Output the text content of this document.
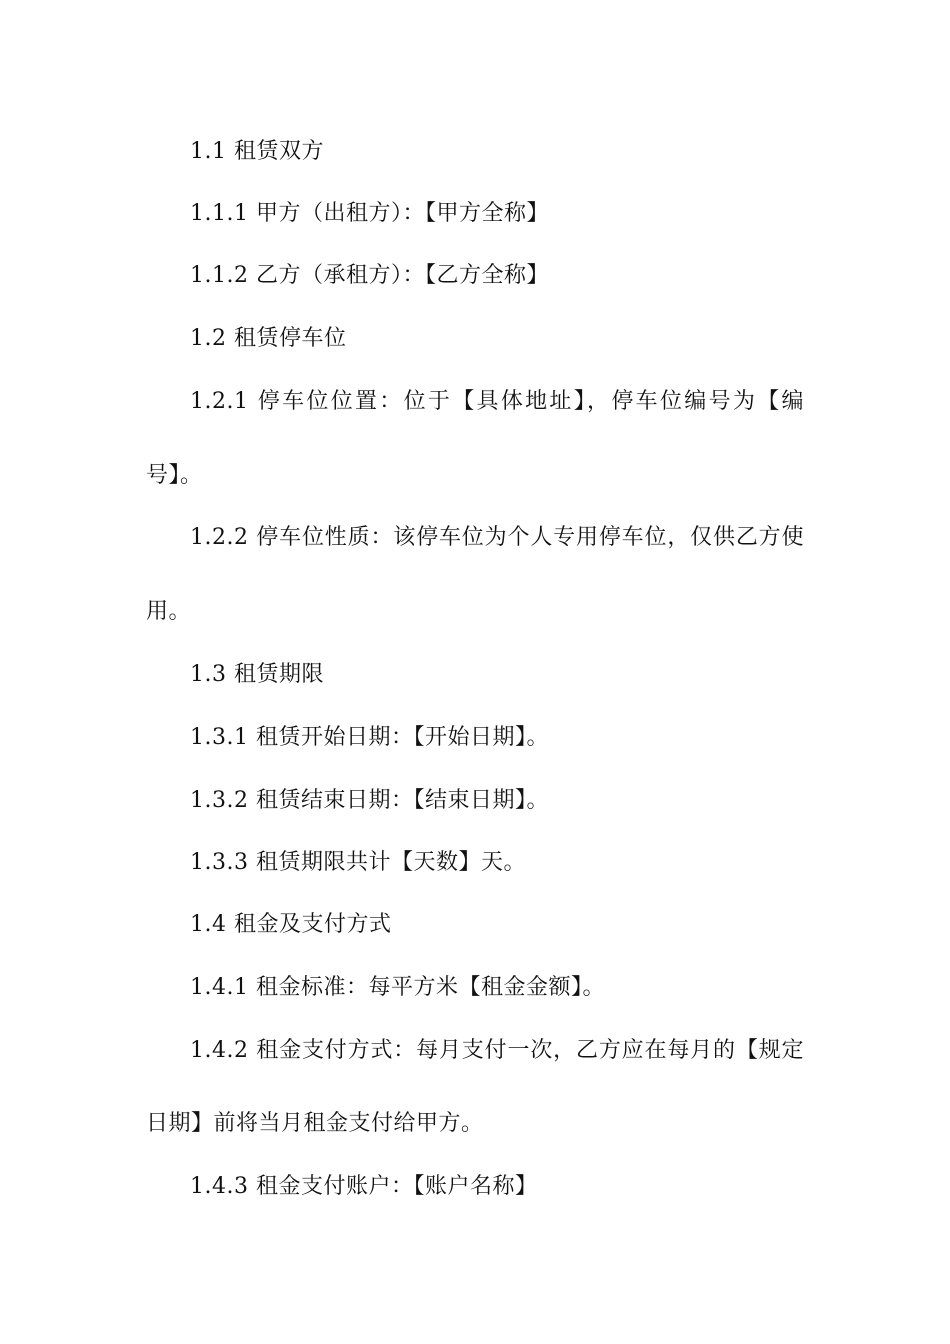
1.1 租赁双方
1.1.1 甲方（出租方）：【甲方全称】
1.1.2 乙方（承租方）：【乙方全称】
1.2 租赁停车位
1.2.1 停车位位置：位于【具体地址】，停车位编号为【编
号】。
1.2.2 停车位性质：该停车位为个人专用停车位，仅供乙方使
用。
1.3 租赁期限
1.3.1 租赁开始日期：【开始日期】。
1.3.2 租赁结束日期：【结束日期】。
1.3.3 租赁期限共计【天数】天。
1.4 租金及支付方式
1.4.1 租金标准：每平方米【租金金额】。
1.4.2 租金支付方式：每月支付一次，乙方应在每月的【规定
日期】前将当月租金支付给甲方。
1.4.3 租金支付账户：【账户名称】
